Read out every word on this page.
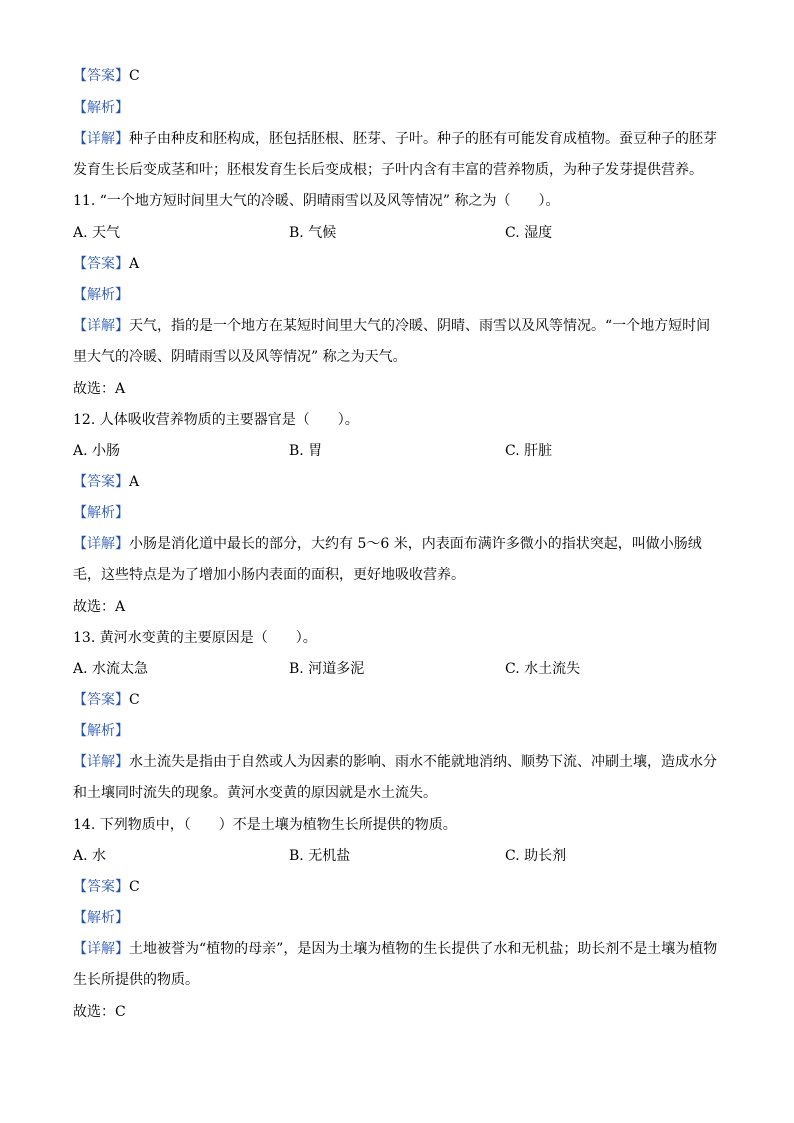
【答案】C
【解析】
【详解】种子由种皮和胚构成，胚包括胚根、胚芽、子叶。种子的胚有可能发育成植物。蚕豆种子的胚芽发育生长后变成茎和叶；胚根发育生长后变成根；子叶内含有丰富的营养物质，为种子发芽提供营养。
11. “一个地方短时间里大气的冷暖、阴晴雨雪以及风等情况” 称之为（　　）。
A. 天气	B. 气候	C. 湿度
【答案】A
【解析】
【详解】天气，指的是一个地方在某短时间里大气的冷暖、阴晴、雨雪以及风等情况。“一个地方短时间里大气的冷暖、阴晴雨雪以及风等情况” 称之为天气。
故选：A
12. 人体吸收营养物质的主要器官是（　　）。
A. 小肠	B. 胃	C. 肝脏
【答案】A
【解析】
【详解】小肠是消化道中最长的部分，大约有 5～6 米，内表面布满许多微小的指状突起，叫做小肠绒毛，这些特点是为了增加小肠内表面的面积，更好地吸收营养。
故选：A
13. 黄河水变黄的主要原因是（　　）。
A. 水流太急	B. 河道多泥	C. 水土流失
【答案】C
【解析】
【详解】水土流失是指由于自然或人为因素的影响、雨水不能就地消纳、顺势下流、冲刷土壤，造成水分和土壤同时流失的现象。黄河水变黄的原因就是水土流失。
14. 下列物质中，（　　）不是土壤为植物生长所提供的物质。
A. 水	B. 无机盐	C. 助长剂
【答案】C
【解析】
【详解】土地被誉为“植物的母亲”，是因为土壤为植物的生长提供了水和无机盐；助长剂不是土壤为植物生长所提供的物质。
故选：C
